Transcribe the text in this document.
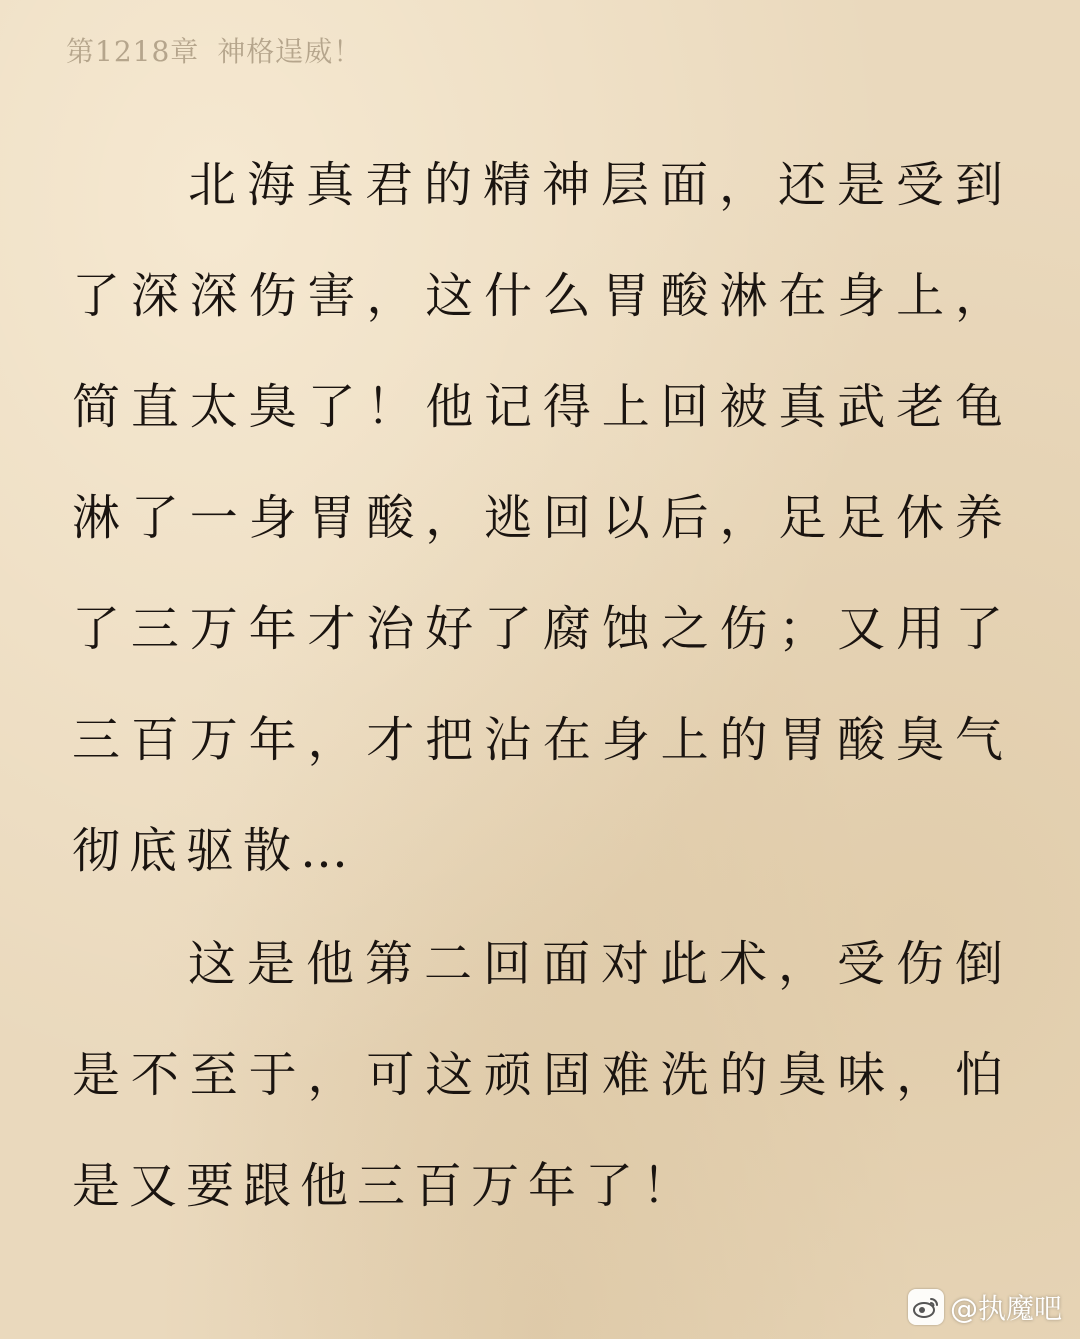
第1218章 神格逞威！

北海真君的精神层面，还是受到了深深伤害，这什么胃酸淋在身上，简直太臭了！他记得上回被真武老龟淋了一身胃酸，逃回以后，足足休养了三万年才治好了腐蚀之伤；又用了三百万年，才把沾在身上的胃酸臭气彻底驱散…

这是他第二回面对此术，受伤倒是不至于，可这顽固难洗的臭味，怕是又要跟他三百万年了！

@执魔吧
